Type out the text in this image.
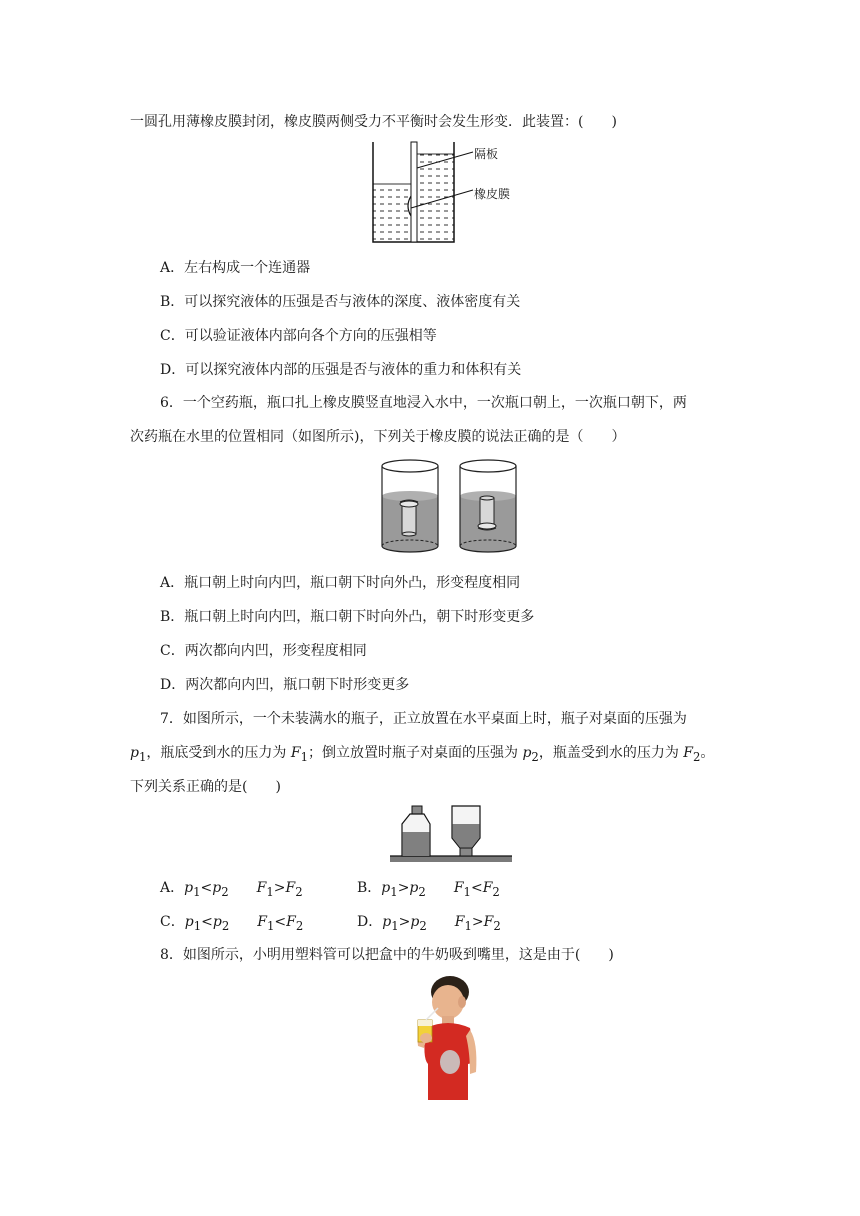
一圆孔用薄橡皮膜封闭，橡皮膜两侧受力不平衡时会发生形变．此装置：(　　)
隔板
橡皮膜
A．左右构成一个连通器
B．可以探究液体的压强是否与液体的深度、液体密度有关
C．可以验证液体内部向各个方向的压强相等
D．可以探究液体内部的压强是否与液体的重力和体积有关
6．一个空药瓶，瓶口扎上橡皮膜竖直地浸入水中，一次瓶口朝上，一次瓶口朝下，两
次药瓶在水里的位置相同（如图所示)，下列关于橡皮膜的说法正确的是（　　）
A．瓶口朝上时向内凹，瓶口朝下时向外凸，形变程度相同
B．瓶口朝上时向内凹，瓶口朝下时向外凸，朝下时形变更多
C．两次都向内凹，形变程度相同
D．两次都向内凹，瓶口朝下时形变更多
7．如图所示，一个未装满水的瓶子，正立放置在水平桌面上时，瓶子对桌面的压强为
$p_1$，瓶底受到水的压力为 $F_1$；倒立放置时瓶子对桌面的压强为 $p_2$，瓶盖受到水的压力为 $F_2$。
下列关系正确的是(　　)
A．$p_1<p_2$   $F_1>F_2$	B．$p_1>p_2$   $F_1<F_2$
C．$p_1<p_2$   $F_1<F_2$	D．$p_1>p_2$   $F_1>F_2$
8．如图所示，小明用塑料管可以把盒中的牛奶吸到嘴里，这是由于(　　)
